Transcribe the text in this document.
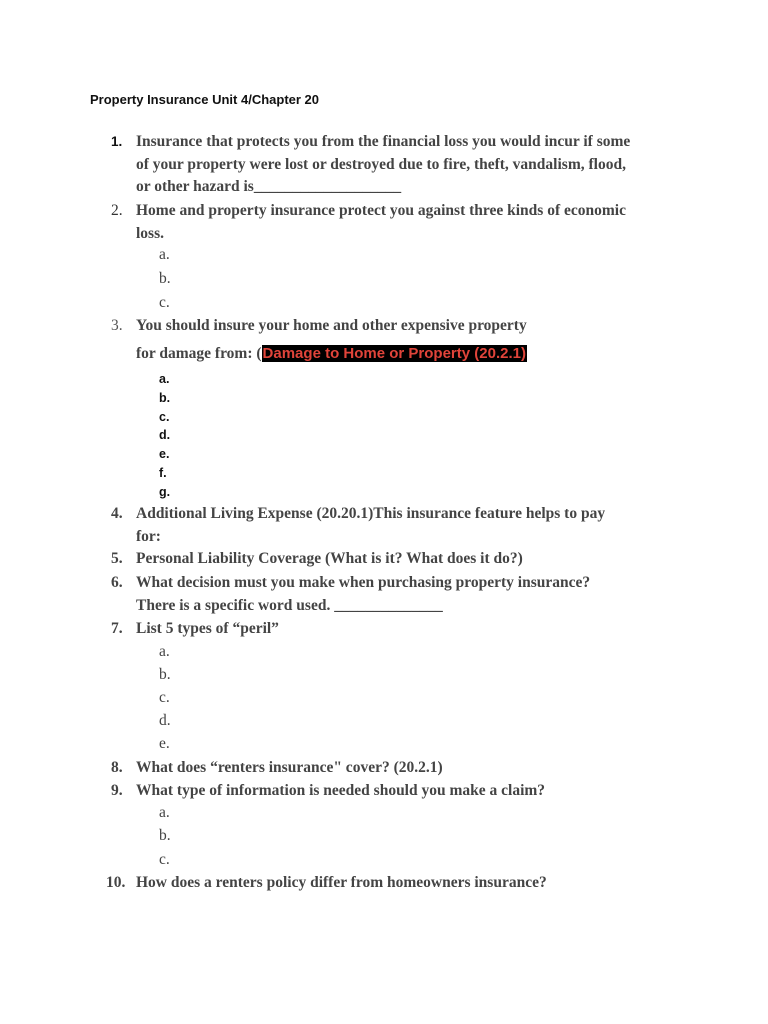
Property Insurance Unit 4/Chapter 20
1. Insurance that protects you from the financial loss you would incur if some
of your property were lost or destroyed due to fire, theft, vandalism, flood,
or other hazard is___________________
2. Home and property insurance protect you against three kinds of economic
loss.
a.
b.
c.
3. You should insure your home and other expensive property
for damage from: (Damage to Home or Property (20.2.1)
a.
b.
c.
d.
e.
f.
g.
4. Additional Living Expense (20.20.1)This insurance feature helps to pay
for:
5. Personal Liability Coverage (What is it? What does it do?)
6. What decision must you make when purchasing property insurance?
There is a specific word used. ______________
7. List 5 types of “peril”
a.
b.
c.
d.
e.
8. What does “renters insurance" cover? (20.2.1)
9. What type of information is needed should you make a claim?
a.
b.
c.
10. How does a renters policy differ from homeowners insurance?
